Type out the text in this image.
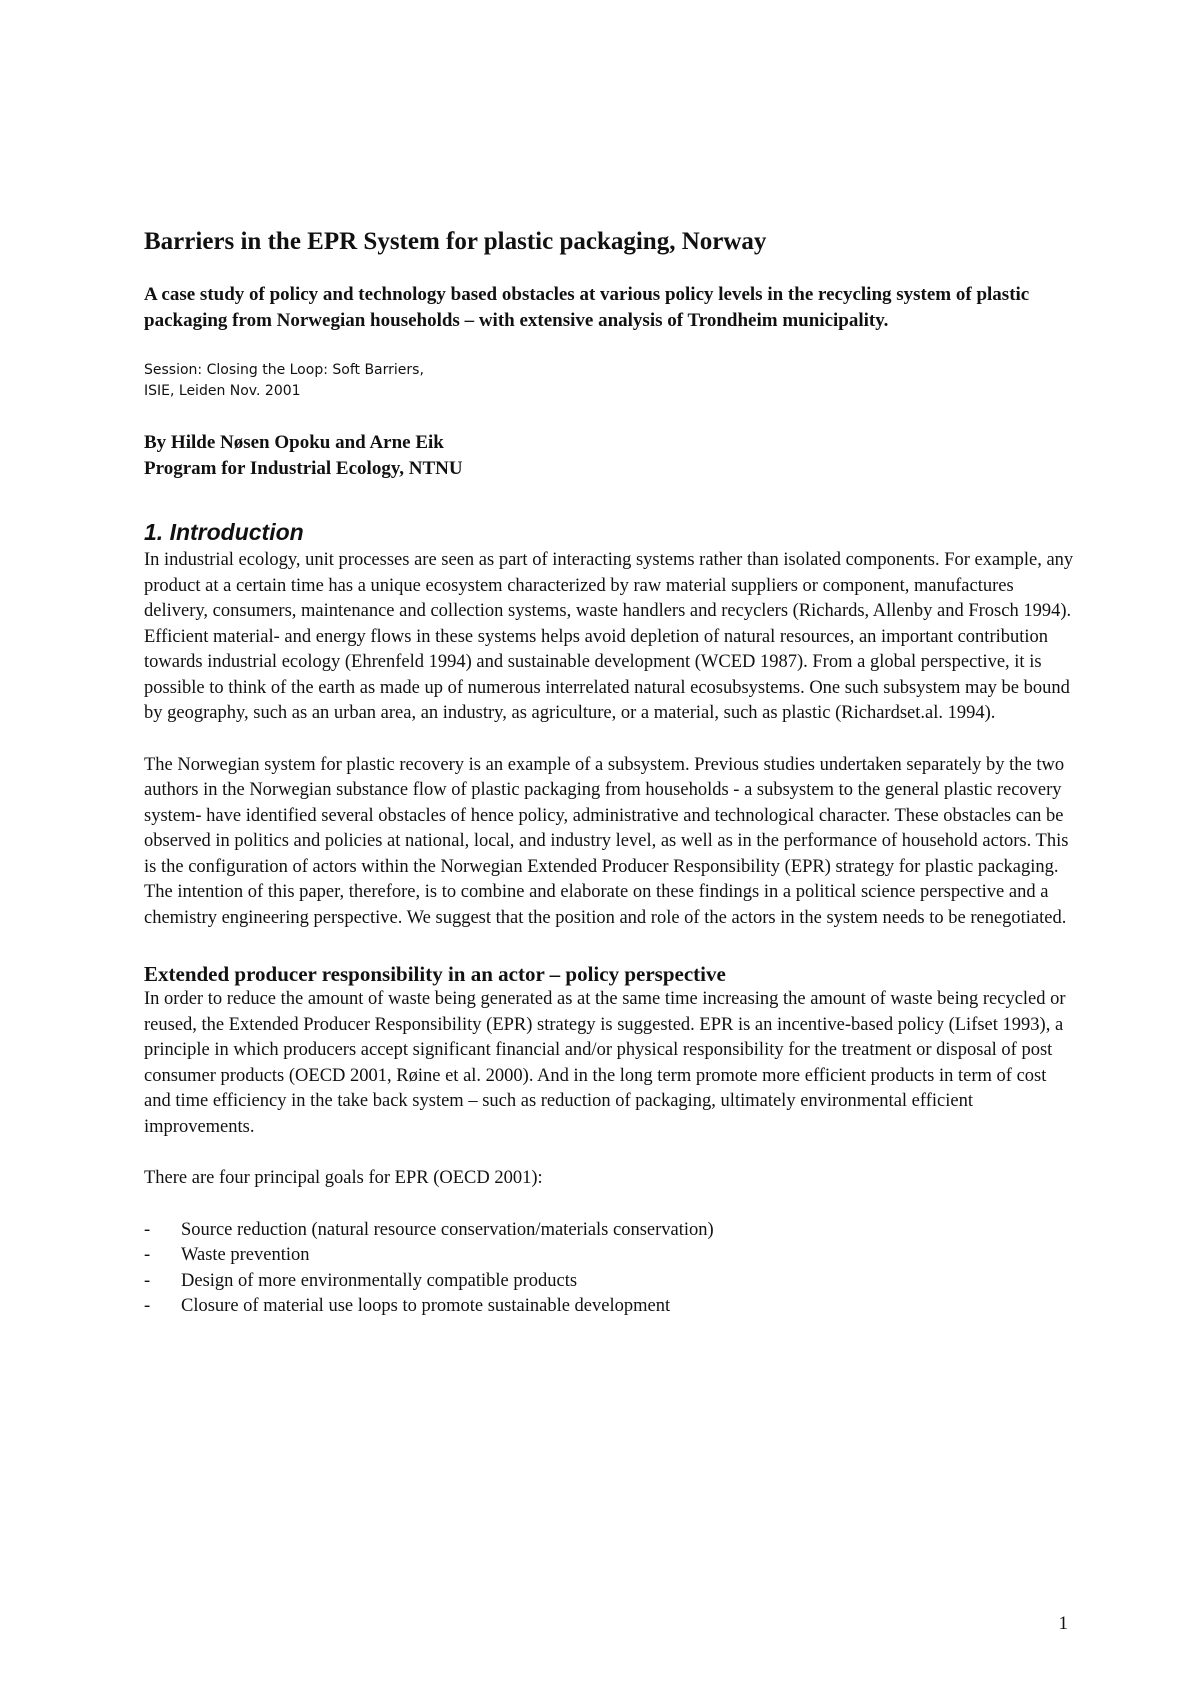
Barriers in the EPR System for plastic packaging, Norway
A case study of policy and technology based obstacles at various policy levels in the recycling system of plastic packaging from Norwegian households – with extensive analysis of Trondheim municipality.
Session: Closing the Loop: Soft Barriers,
ISIE, Leiden Nov. 2001
By Hilde Nøsen Opoku and Arne Eik
Program for Industrial Ecology, NTNU
1. Introduction

In industrial ecology, unit processes are seen as part of interacting systems rather than isolated components. For example, any product at a certain time has a unique ecosystem characterized by raw material suppliers or component, manufactures delivery, consumers, maintenance and collection systems, waste handlers and recyclers (Richards, Allenby and Frosch 1994). Efficient material- and energy flows in these systems helps avoid depletion of natural resources, an important contribution towards industrial ecology (Ehrenfeld 1994) and sustainable development (WCED 1987). From a global perspective, it is possible to think of the earth as made up of numerous interrelated natural ecosubsystems. One such subsystem may be bound by geography, such as an urban area, an industry, as agriculture, or a material, such as plastic (Richardset.al. 1994).

The Norwegian system for plastic recovery is an example of a subsystem. Previous studies undertaken separately by the two authors in the Norwegian substance flow of plastic packaging from households - a subsystem to the general plastic recovery system- have identified several obstacles of hence policy, administrative and technological character. These obstacles can be observed in politics and policies at national, local, and industry level, as well as in the performance of household actors. This is the configuration of actors within the Norwegian Extended Producer Responsibility (EPR) strategy for plastic packaging. The intention of this paper, therefore, is to combine and elaborate on these findings in a political science perspective and a chemistry engineering perspective. We suggest that the position and role of the actors in the system needs to be renegotiated.

Extended producer responsibility in an actor – policy perspective

In order to reduce the amount of waste being generated as at the same time increasing the amount of waste being recycled or reused, the Extended Producer Responsibility (EPR) strategy is suggested. EPR is an incentive-based policy (Lifset 1993), a principle in which producers accept significant financial and/or physical responsibility for the treatment or disposal of post consumer products (OECD 2001, Røine et al. 2000). And in the long term promote more efficient products in term of cost and time efficiency in the take back system – such as reduction of packaging, ultimately environmental efficient improvements.

There are four principal goals for EPR (OECD 2001):

- Source reduction (natural resource conservation/materials conservation)
- Waste prevention
- Design of more environmentally compatible products
- Closure of material use loops to promote sustainable development
1
